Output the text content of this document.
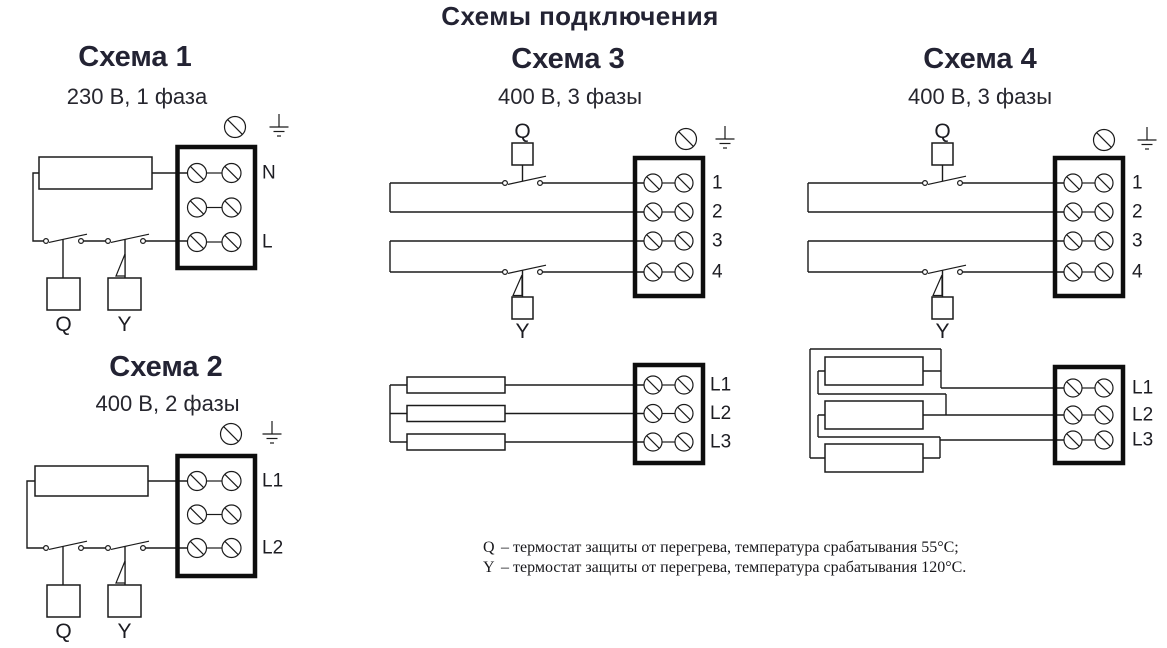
Схемы подключения
Схема 1
230 В, 1 фаза
Схема 2
400 В, 2 фазы
Схема 3
400 В, 3 фазы
Схема 4
400 В, 3 фазы
Q – термостат защиты от перегрева, температура срабатывания 55°С;
Y – термостат защиты от перегрева, температура срабатывания 120°С.
Q Y
N
L
Q Y
L1
L2
Q
Y
1
2
3
4
L1
L2
L3
Q
Y
1
2
3
4
L1
L2
L3
